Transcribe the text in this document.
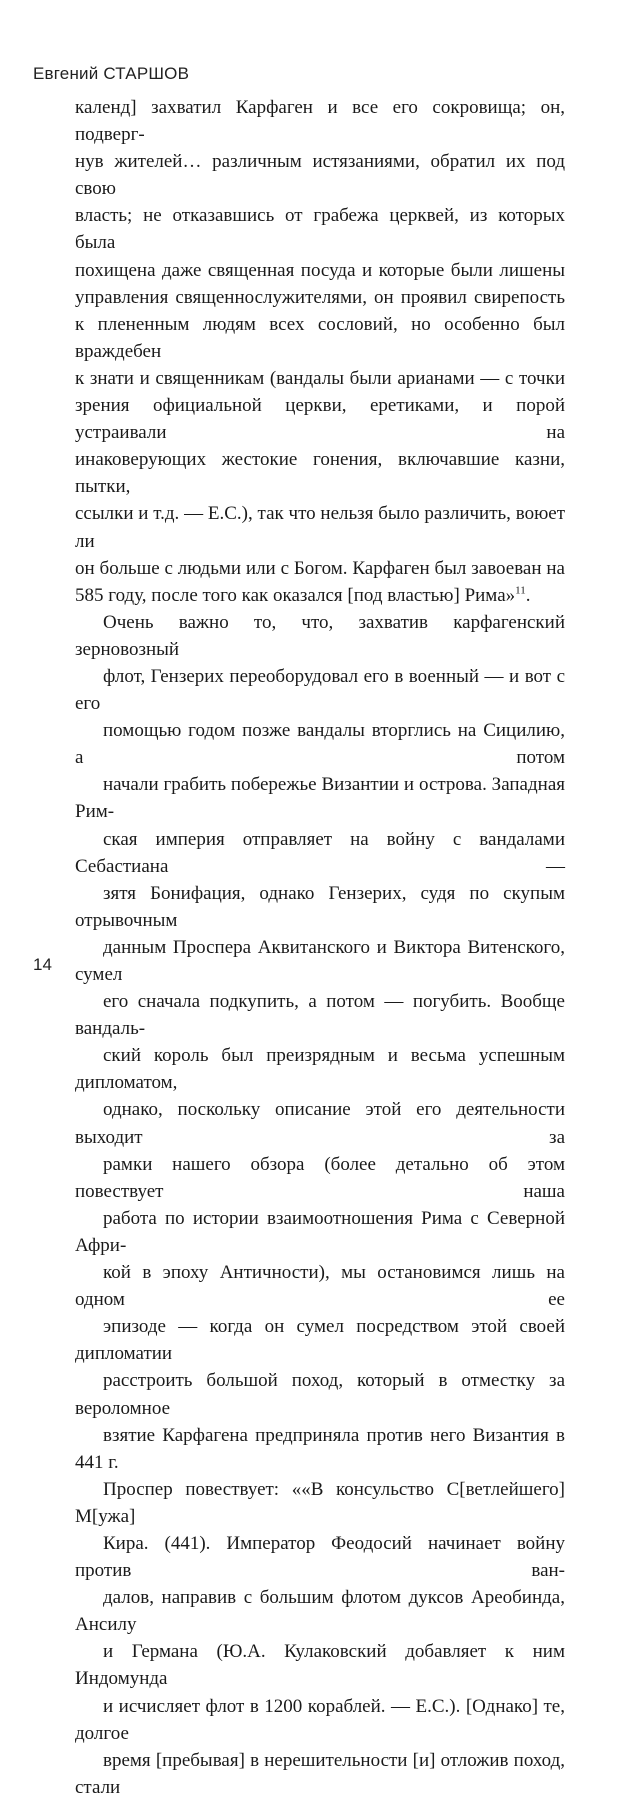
Евгений СТАРШОВ

календ] захватил Карфаген и все его сокровища; он, подверг-
нув жителей… различным истязаниями, обратил их под свою
власть; не отказавшись от грабежа церквей, из которых была
похищена даже священная посуда и которые были лишены
управления священнослужителями, он проявил свирепость
к плененным людям всех сословий, но особенно был враждебен
к знати и священникам (вандалы были арианами — с точки
зрения официальной церкви, еретиками, и порой устраивали на
инаковерующих жестокие гонения, включавшие казни, пытки,
ссылки и т.д. — Е.С.), так что нельзя было различить, воюет ли
он больше с людьми или с Богом. Карфаген был завоеван на
585 году, после того как оказался [под властью] Рима»$^{11}$.

Очень важно то, что, захватив карфагенский зерновозный
флот, Гензерих переоборудовал его в военный — и вот с его
помощью годом позже вандалы вторглись на Сицилию, а потом
начали грабить побережье Византии и острова. Западная Рим-
ская империя отправляет на войну с вандалами Себастиана —
зятя Бонифация, однако Гензерих, судя по скупым отрывочным
данным Проспера Аквитанского и Виктора Витенского, сумел
его сначала подкупить, а потом — погубить. Вообще вандаль-
ский король был преизрядным и весьма успешным дипломатом,
однако, поскольку описание этой его деятельности выходит за
рамки нашего обзора (более детально об этом повествует наша
работа по истории взаимоотношения Рима с Северной Афри-
кой в эпоху Античности), мы остановимся лишь на одном ее
эпизоде — когда он сумел посредством этой своей дипломатии
расстроить большой поход, который в отместку за вероломное
взятие Карфагена предприняла против него Византия в 441 г.

Проспер повествует: ««В консульство С[ветлейшего] М[ужа]
Кира. (441). Император Феодосий начинает войну против ван-
далов, направив с большим флотом дуксов Ареобинда, Ансилу
и Германа (Ю.А. Кулаковский добавляет к ним Индомунда
и исчисляет флот в 1200 кораблей. — Е.С.). [Однако] те, долгое
время [пребывая] в нерешительности [и] отложив поход, стали

14
